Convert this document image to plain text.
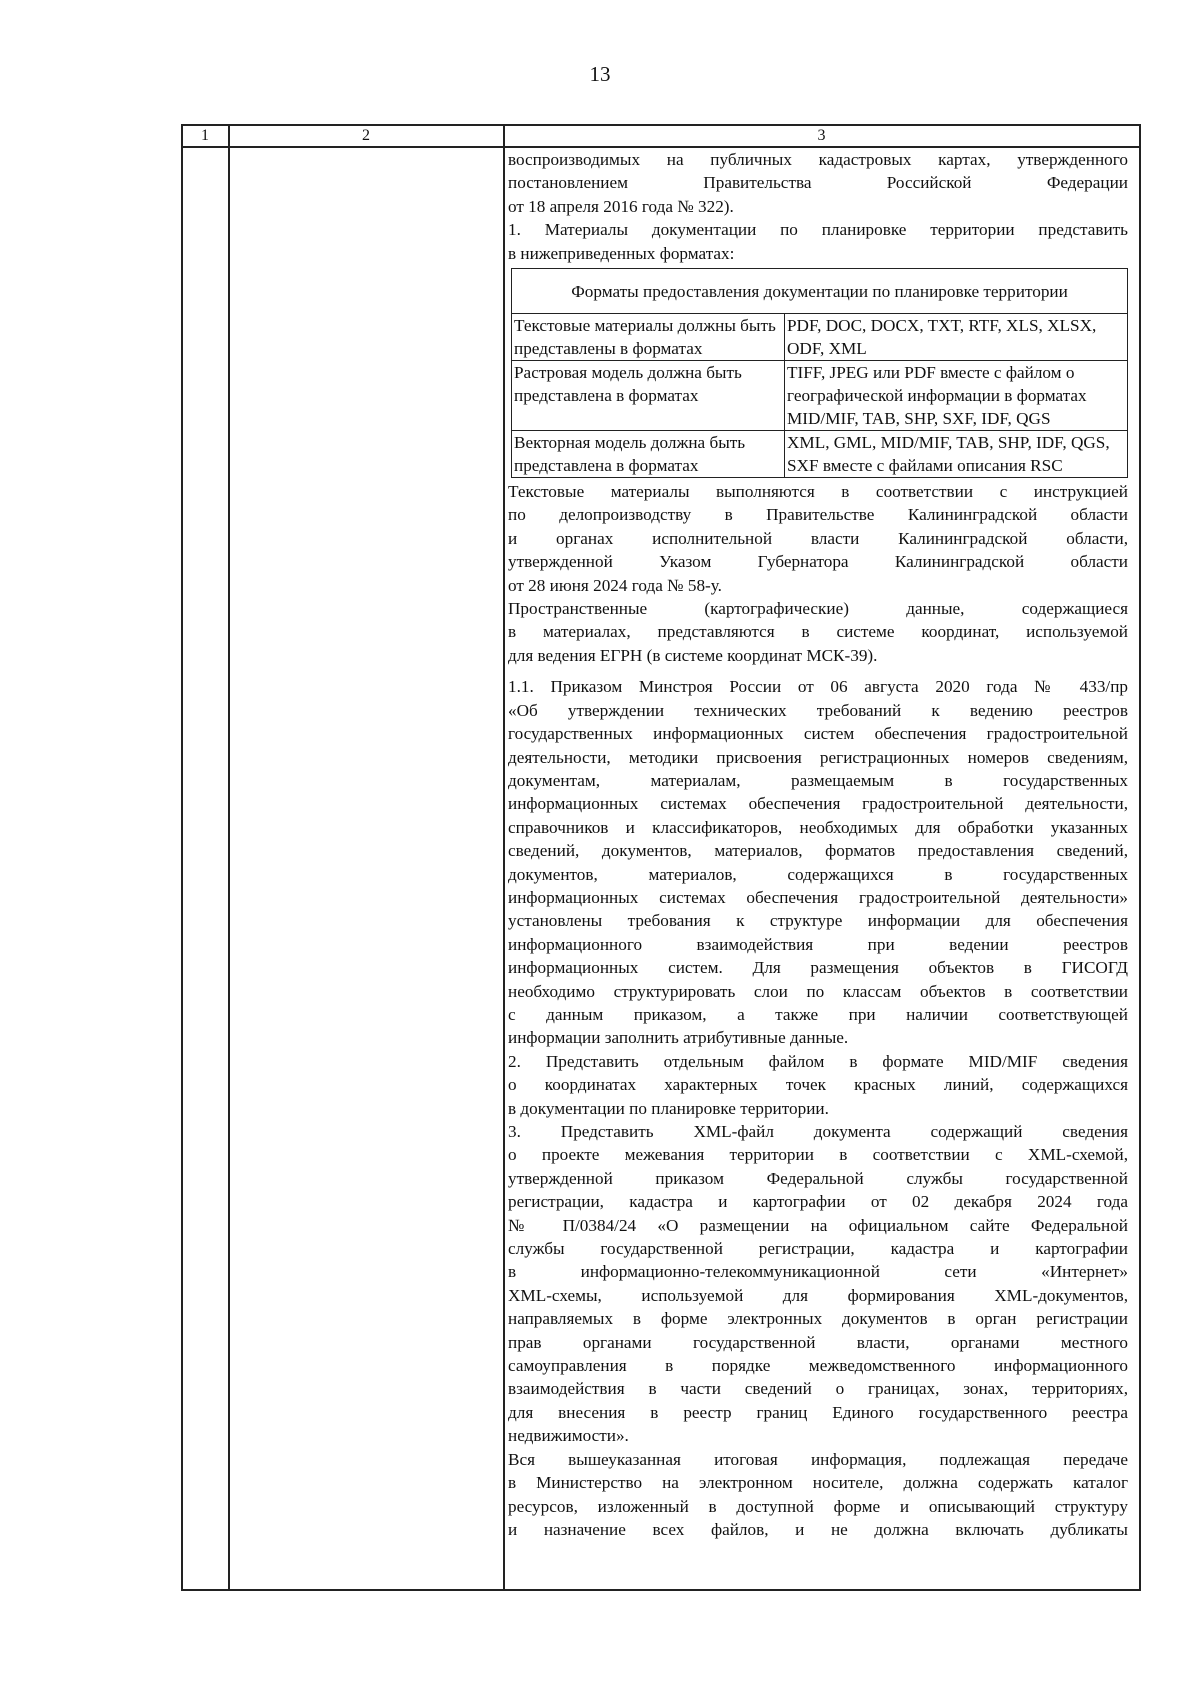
13
1	2	3

воспроизводимых на публичных кадастровых картах, утвержденного

постановлением Правительства Российской Федерации

от 18 апреля 2016 года № 322).

1. Материалы документации по планировке территории представить

в нижеприведенных форматах:

Форматы предоставления документации по планировке территории	
Текстовые материалы должны быть представлены в форматах	PDF, DOC, DOCX, TXT, RTF, XLS, XLSX, ODF, XML
Растровая модель должна быть представлена в форматах	TIFF, JPEG или PDF вместе с файлом о географической информации в форматах MID/MIF, TAB, SHP, SXF, IDF, QGS
Векторная модель должна быть представлена в форматах	XML, GML, MID/MIF, TAB, SHP, IDF, QGS, SXF вместе с файлами описания RSC

Текстовые материалы выполняются в соответствии с инструкцией

по делопроизводству в Правительстве Калининградской области

и органах исполнительной власти Калининградской области,

утвержденной Указом Губернатора Калининградской области

от 28 июня 2024 года № 58-у.

Пространственные (картографические) данные, содержащиеся

в материалах, представляются в системе координат, используемой

для ведения ЕГРН (в системе координат МСК-39).

1.1. Приказом Минстроя России от 06 августа 2020 года № 433/пр

«Об утверждении технических требований к ведению реестров

государственных информационных систем обеспечения градостроительной

деятельности, методики присвоения регистрационных номеров сведениям,

документам, материалам, размещаемым в государственных

информационных системах обеспечения градостроительной деятельности,

справочников и классификаторов, необходимых для обработки указанных

сведений, документов, материалов, форматов предоставления сведений,

документов, материалов, содержащихся в государственных

информационных системах обеспечения градостроительной деятельности»

установлены требования к структуре информации для обеспечения

информационного взаимодействия при ведении реестров

информационных систем. Для размещения объектов в ГИСОГД

необходимо структурировать слои по классам объектов в соответствии

с данным приказом, а также при наличии соответствующей

информации заполнить атрибутивные данные.

2. Представить отдельным файлом в формате MID/MIF сведения

о координатах характерных точек красных линий, содержащихся

в документации по планировке территории.

3. Представить XML-файл документа содержащий сведения

о проекте межевания территории в соответствии с XML-схемой,

утвержденной приказом Федеральной службы государственной

регистрации, кадастра и картографии от 02 декабря 2024 года

№ П/0384/24 «О размещении на официальном сайте Федеральной

службы государственной регистрации, кадастра и картографии

в информационно-телекоммуникационной сети «Интернет»

XML-схемы, используемой для формирования XML-документов,

направляемых в форме электронных документов в орган регистрации

прав органами государственной власти, органами местного

самоуправления в порядке межведомственного информационного

взаимодействия в части сведений о границах, зонах, территориях,

для внесения в реестр границ Единого государственного реестра

недвижимости».

Вся вышеуказанная итоговая информация, подлежащая передаче

в Министерство на электронном носителе, должна содержать каталог

ресурсов, изложенный в доступной форме и описывающий структуру

и назначение всех файлов, и не должна включать дубликаты
